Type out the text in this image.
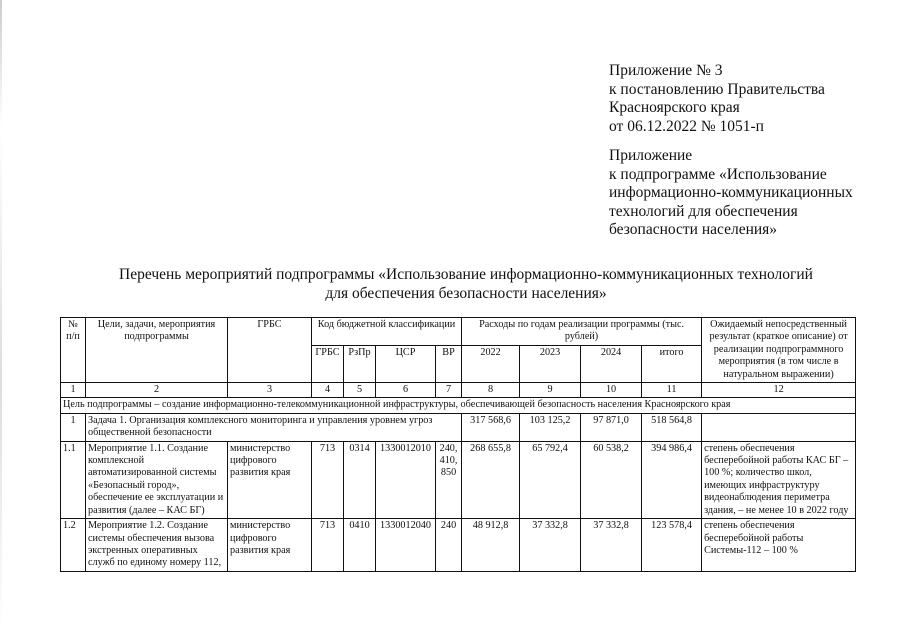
Приложение № 3
к постановлению Правительства
Красноярского края
от 06.12.2022 № 1051-п
Приложение
к подпрограмме «Использование
информационно-коммуникационных
технологий для обеспечения
безопасности населения»
Перечень мероприятий подпрограммы «Использование информационно-коммуникационных технологий
для обеспечения безопасности населения»
№ п/п	Цели, задачи, мероприятия подпрограммы	ГРБС	Код бюджетной классификации				Расходы по годам реализации программы (тыс. рублей)				Ожидаемый непосредственный результат (краткое описание) от реализации подпрограммного мероприятия (в том числе в натуральном выражении)
			ГРБС	РзПр	ЦСР	ВР	2022	2023	2024	итого	
1	2	3	4	5	6	7	8	9	10	11	12
Цель подпрограммы – создание информационно-телекоммуникационной инфраструктуры, обеспечивающей безопасность населения Красноярского края											
1	Задача 1. Организация комплексного мониторинга и управления уровнем угроз общественной безопасности						317 568,6	103 125,2	97 871,0	518 564,8	
1.1	Мероприятие 1.1. Создание комплексной автоматизированной системы «Безопасный город», обеспечение ее эксплуатации и развития (далее – КАС БГ)	министерство цифрового развития края	713	0314	1330012010	240, 410, 850	268 655,8	65 792,4	60 538,2	394 986,4	степень обеспечения бесперебойной работы КАС БГ – 100 %; количество школ, имеющих инфраструктуру видеонаблюдения периметра здания, – не менее 10 в 2022 году
1.2	Мероприятие 1.2. Создание системы обеспечения вызова экстренных оперативных служб по единому номеру 112,	министерство цифрового развития края	713	0410	1330012040	240	48 912,8	37 332,8	37 332,8	123 578,4	степень обеспечения бесперебойной работы Системы-112 – 100 %
